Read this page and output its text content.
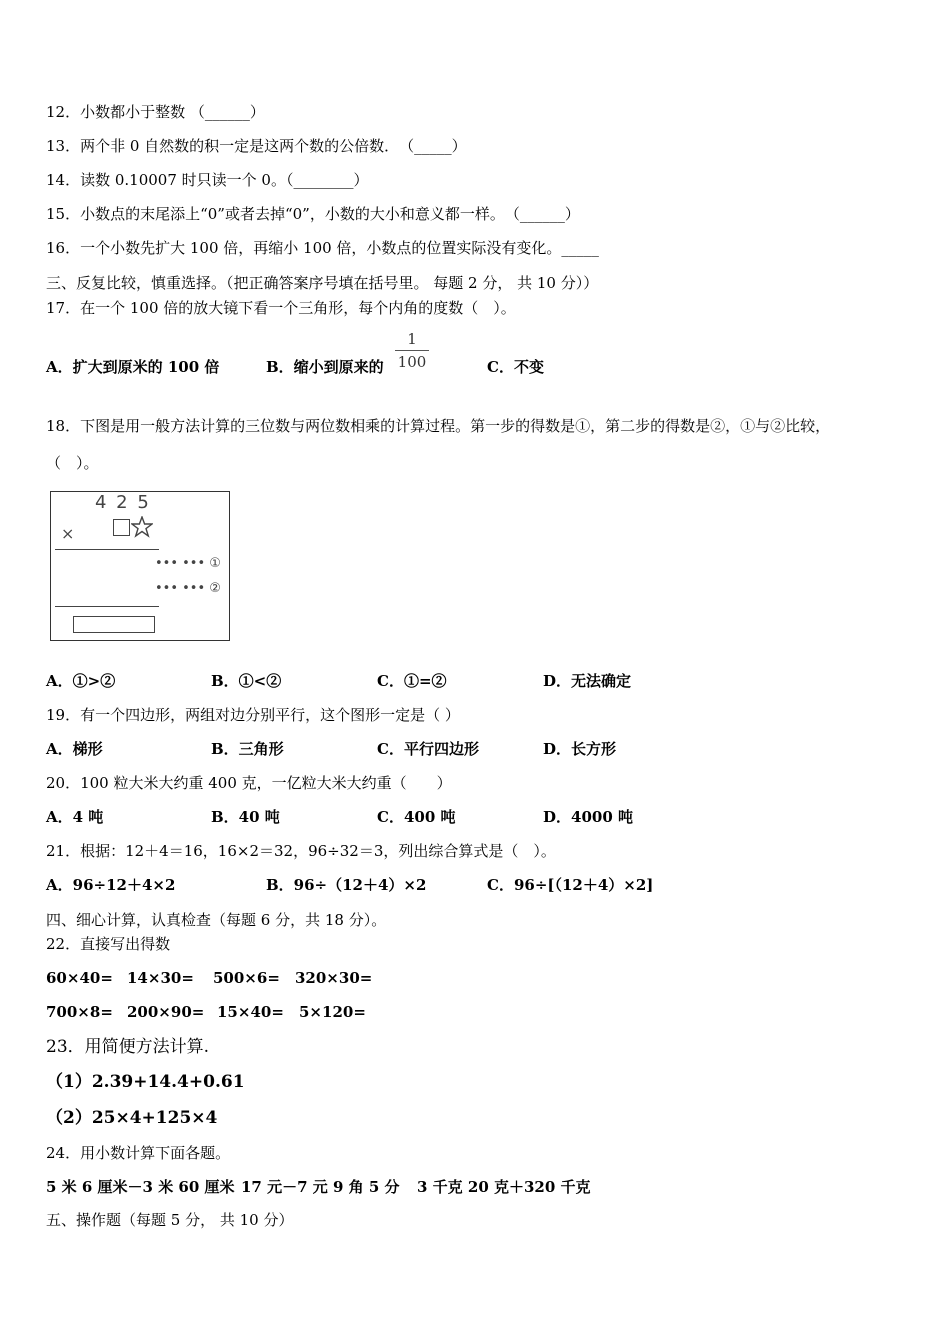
12．小数都小于整数 （______）
13．两个非 0 自然数的积一定是这两个数的公倍数．　（_____）
14．读数 0.10007 时只读一个 0。（________）
15．小数点的末尾添上“0”或者去掉“0”，小数的大小和意义都一样。　（______）
16．一个小数先扩大 100 倍，再缩小 100 倍，小数点的位置实际没有变化。_____
三、反复比较，慎重选择。（把正确答案序号填在括号里。 每题 2 分， 共 10 分））
17．在一个 100 倍的放大镜下看一个三角形，每个内角的度数（　）。
A．扩大到原米的 100 倍	B．缩小到原来的
1
100	C．不变
18．下图是用一般方法计算的三位数与两位数相乘的计算过程。第一步的得数是①，第二步的得数是②，①与②比较，
（　）。
4 2 5
×
••• ••• ①
••• ••• ②
A．①>②	B．①<②	C．①=②	D．无法确定
19．有一个四边形，两组对边分别平行，这个图形一定是（ ）
A．梯形	B．三角形	C．平行四边形	D．长方形
20．100 粒大米大约重 400 克，一亿粒大米大约重（　　）
A．4 吨	B．40 吨	C．400 吨	D．4000 吨
21．根据：12＋4＝16，16×2＝32，96÷32＝3，列出综合算式是（　）。
A．96÷12＋4×2	B．96÷（12＋4）×2	C．96÷[（12＋4）×2]
四、细心计算，认真检查（每题 6 分，共 18 分）。
22．直接写出得数
60×40= 14×30= 500×6= 320×30=
700×8= 200×90= 15×40= 5×120=
23．用简便方法计算.
（1）2.39+14.4+0.61
（2）25×4+125×4
24．用小数计算下面各题。
5 米 6 厘米－3 米 60 厘米 17 元－7 元 9 角 5 分 3 千克 20 克＋320 千克
五、操作题（每题 5 分， 共 10 分）
